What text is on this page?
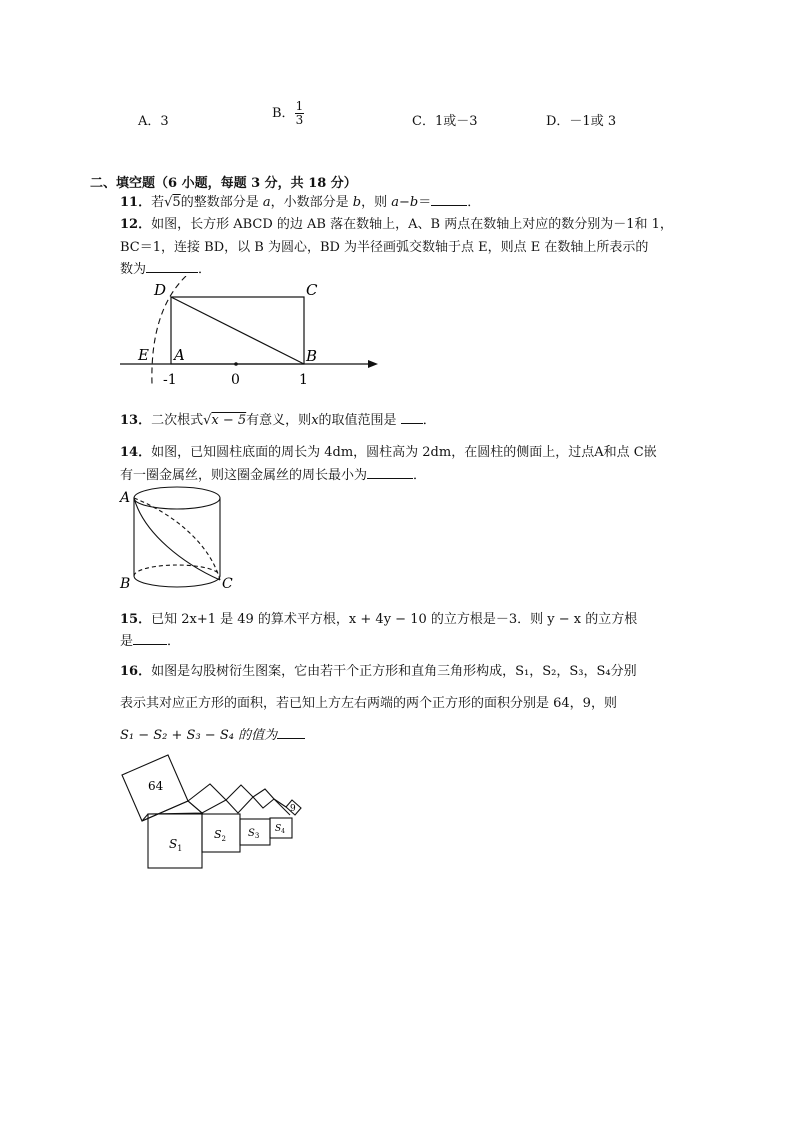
A．3
B． $\frac{1}{3}$	C．1或－3	D．－1或 3
二、填空题（6 小题，每题 3 分，共 18 分）
11．若√5的整数部分是 a，小数部分是 b，则 a−b＝	．
12．如图，长方形 ABCD 的边 AB 落在数轴上，A、B 两点在数轴上对应的数分别为－1和 1，
BC＝1，连接 BD，以 B 为圆心，BD 为半径画弧交数轴于点 E，则点 E 在数轴上所表示的
数为	．
D	C
E A	B
-1	0	1
13．二次根式√x − 5有意义，则x的取值范围是 ．
14．如图，已知圆柱底面的周长为 4dm，圆柱高为 2dm，在圆柱的侧面上，过点A和点 C嵌
有一圈金属丝，则这圈金属丝的周长最小为	．
A
B	C
15．已知 2x+1 是 49 的算术平方根，x + 4y − 10 的立方根是－3．则 y − x 的立方根
是	．
16．如图是勾股树衍生图案，它由若干个正方形和直角三角形构成，S₁，S₂，S₃，S₄分别
表示其对应正方形的面积，若已知上方左右两端的两个正方形的面积分别是 64，9，则
S₁ − S₂ + S₃ − S₄ 的值为
64
9
$S_1$
$S_2$ $S_3$
$S_4$
